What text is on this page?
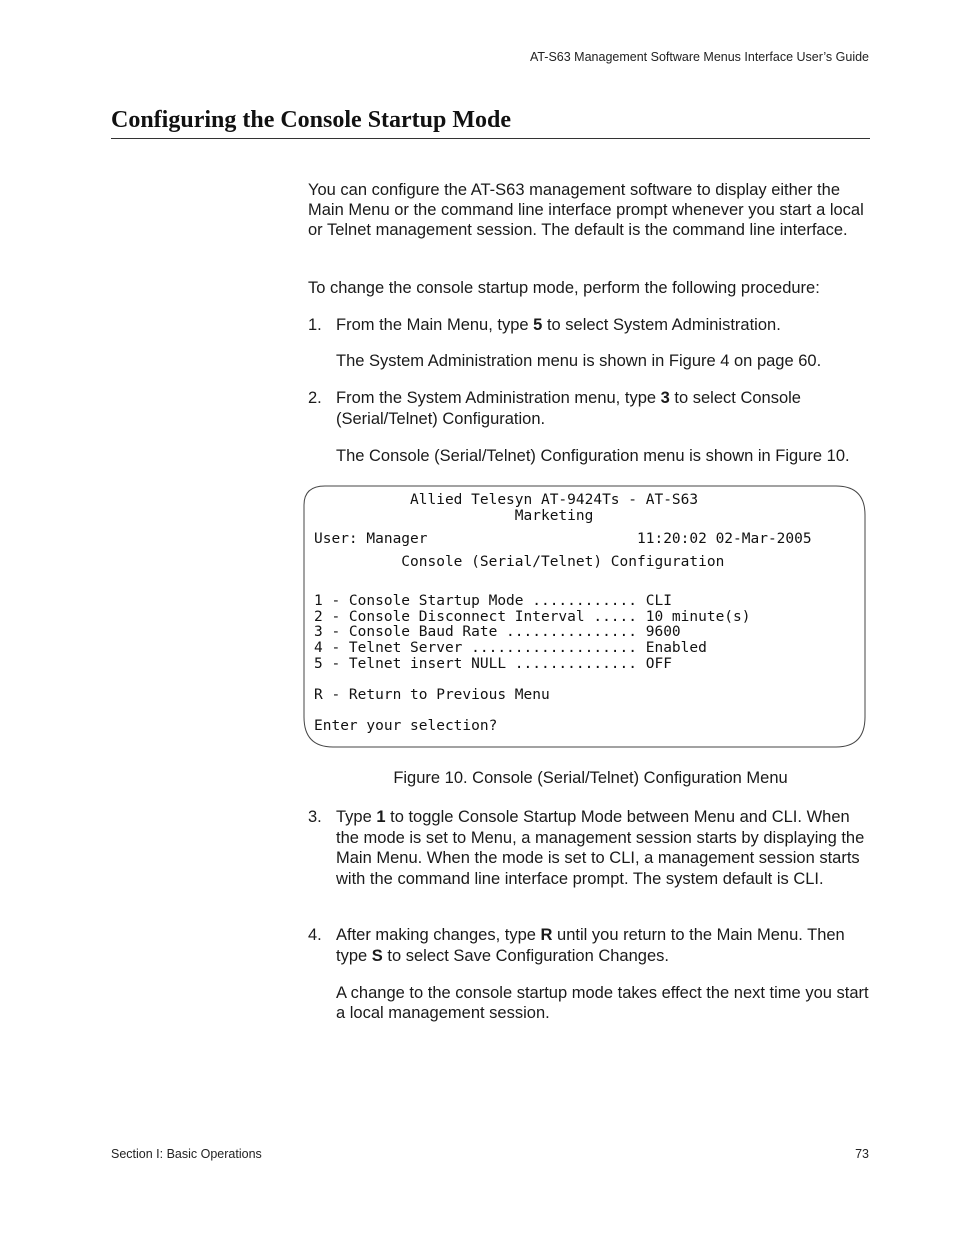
AT-S63 Management Software Menus Interface User’s Guide
Configuring the Console Startup Mode

You can configure the AT-S63 management software to display either the Main Menu or the command line interface prompt whenever you start a local or Telnet management session. The default is the command line interface.

To change the console startup mode, perform the following procedure:

1. From the Main Menu, type 5 to select System Administration.

The System Administration menu is shown in Figure 4 on page 60.

2. From the System Administration menu, type 3 to select Console (Serial/Telnet) Configuration.

The Console (Serial/Telnet) Configuration menu is shown in Figure 10.

Allied Telesyn AT-9424Ts - AT-S63
Marketing
User: Manager                        11:20:02 02-Mar-2005
Console (Serial/Telnet) Configuration
1 - Console Startup Mode ............ CLI
2 - Console Disconnect Interval ..... 10 minute(s)
3 - Console Baud Rate ............... 9600
4 - Telnet Server ................... Enabled
5 - Telnet insert NULL .............. OFF
R - Return to Previous Menu
Enter your selection?
Figure 10. Console (Serial/Telnet) Configuration Menu
3. Type 1 to toggle Console Startup Mode between Menu and CLI. When the mode is set to Menu, a management session starts by displaying the Main Menu. When the mode is set to CLI, a management session starts with the command line interface prompt. The system default is CLI.
4. After making changes, type R until you return to the Main Menu. Then type S to select Save Configuration Changes.

A change to the console startup mode takes effect the next time you start a local management session.

Section I: Basic Operations	73
